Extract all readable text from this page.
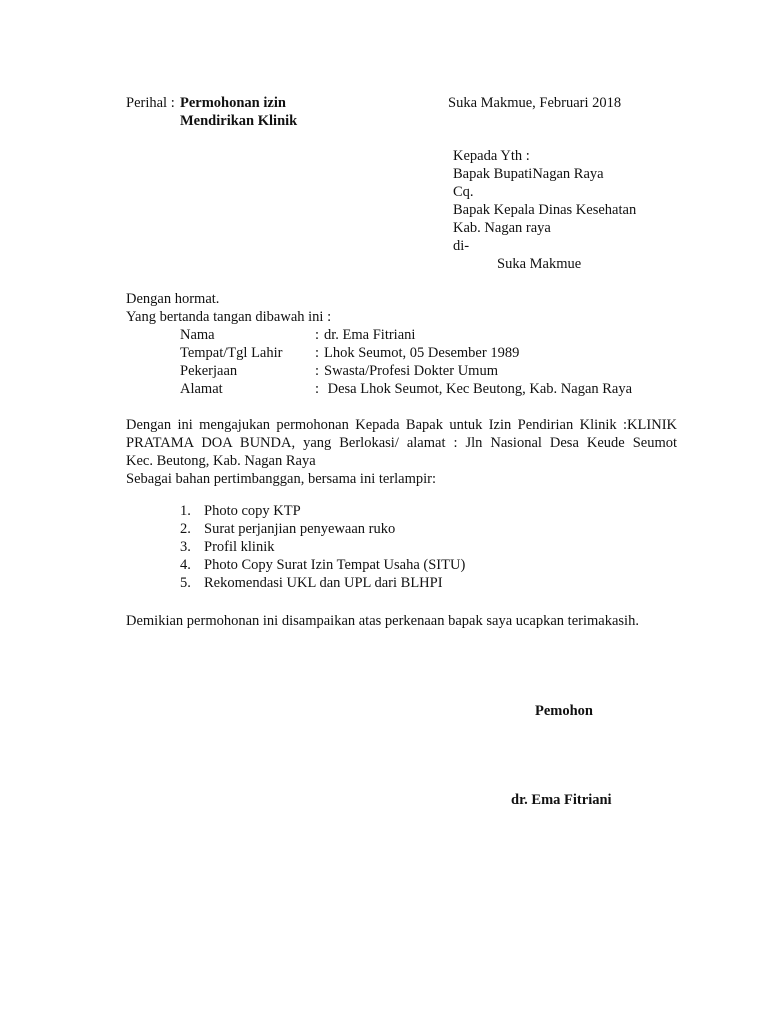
Perihal : Permohonan izin
Mendirikan Klinik
Suka Makmue, Februari 2018
Kepada Yth :
Bapak BupatiNagan Raya
Cq.
Bapak Kepala Dinas Kesehatan
Kab. Nagan raya
di-
Suka Makmue
Dengan hormat.
Yang bertanda tangan dibawah ini :
Nama	: dr. Ema Fitriani
Tempat/Tgl Lahir : Lhok Seumot, 05 Desember 1989
Pekerjaan	: Swasta/Profesi Dokter Umum
Alamat	: Desa Lhok Seumot, Kec Beutong, Kab. Nagan Raya
Dengan ini mengajukan permohonan Kepada Bapak untuk Izin Pendirian Klinik :KLINIK
PRATAMA DOA BUNDA, yang Berlokasi/ alamat : Jln Nasional Desa Keude Seumot
Kec. Beutong, Kab. Nagan Raya
Sebagai bahan pertimbanggan, bersama ini terlampir:
1. Photo copy KTP
2. Surat perjanjian penyewaan ruko
3. Profil klinik
4. Photo Copy Surat Izin Tempat Usaha (SITU)
5. Rekomendasi UKL dan UPL dari BLHPI
Demikian permohonan ini disampaikan atas perkenaan bapak saya ucapkan terimakasih.
Pemohon
dr. Ema Fitriani
